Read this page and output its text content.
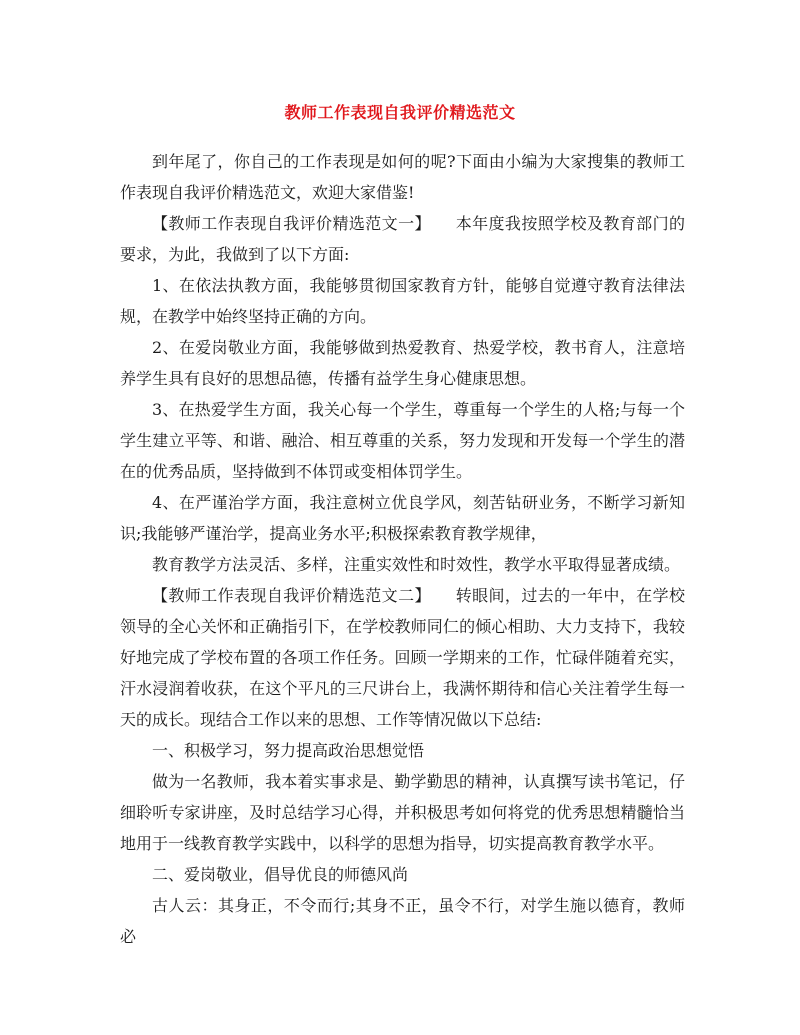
教师工作表现自我评价精选范文

到年尾了，你自己的工作表现是如何的呢?下面由小编为大家搜集的教师工作表现自我评价精选范文，欢迎大家借鉴!

【教师工作表现自我评价精选范文一】　　本年度我按照学校及教育部门的要求，为此，我做到了以下方面:

1、在依法执教方面，我能够贯彻国家教育方针，能够自觉遵守教育法律法规，在教学中始终坚持正确的方向。

2、在爱岗敬业方面，我能够做到热爱教育、热爱学校，教书育人，注意培养学生具有良好的思想品德，传播有益学生身心健康思想。

3、在热爱学生方面，我关心每一个学生，尊重每一个学生的人格;与每一个学生建立平等、和谐、融洽、相互尊重的关系，努力发现和开发每一个学生的潜在的优秀品质，坚持做到不体罚或变相体罚学生。

4、在严谨治学方面，我注意树立优良学风，刻苦钻研业务，不断学习新知识;我能够严谨治学，提高业务水平;积极探索教育教学规律，

教育教学方法灵活、多样，注重实效性和时效性，教学水平取得显著成绩。

【教师工作表现自我评价精选范文二】　　转眼间，过去的一年中，在学校领导的全心关怀和正确指引下，在学校教师同仁的倾心相助、大力支持下，我较好地完成了学校布置的各项工作任务。回顾一学期来的工作，忙碌伴随着充实，汗水浸润着收获，在这个平凡的三尺讲台上，我满怀期待和信心关注着学生每一天的成长。现结合工作以来的思想、工作等情况做以下总结:

一、积极学习，努力提高政治思想觉悟

做为一名教师，我本着实事求是、勤学勤思的精神，认真撰写读书笔记，仔细聆听专家讲座，及时总结学习心得，并积极思考如何将党的优秀思想精髓恰当地用于一线教育教学实践中，以科学的思想为指导，切实提高教育教学水平。

二、爱岗敬业，倡导优良的师德风尚

古人云：其身正，不令而行;其身不正，虽令不行，对学生施以德育，教师必
